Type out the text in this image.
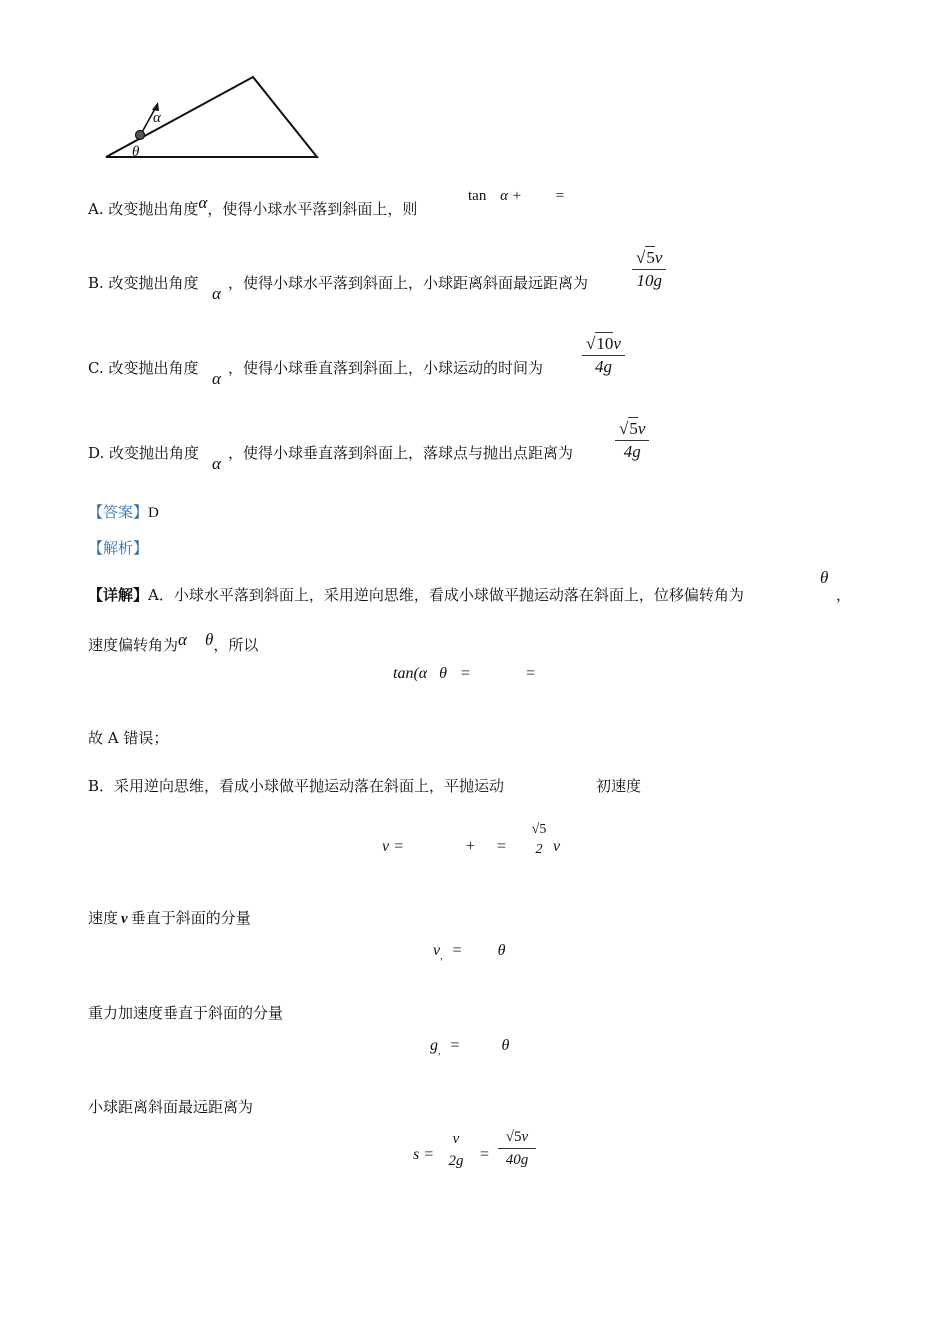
α
θ
A. 改变抛出角度α，使得小球水平落到斜面上，则
tan α + =
B. 改变抛出角度
α
，使得小球水平落到斜面上，小球距离斜面最远距离为	$\frac{√5v}{10g}$
C. 改变抛出角度
α
，使得小球垂直落到斜面上，小球运动的时间为 $\frac{√10v}{4g}$
D. 改变抛出角度
α
，使得小球垂直落到斜面上，落球点与抛出点距离为 $\frac{√5v}{4g}$
【答案】D
【解析】
【详解】A．小球水平落到斜面上，采用逆向思维，看成小球做平抛运动落在斜面上，位移偏转角为
θ
，
速度偏转角为α θ，所以
tan(α θ =	=
故 A 错误；
B．采用逆向思维，看成小球做平抛运动落在斜面上，平抛运动	初速度
v =	+ =
√5
2 v
速度 v 垂直于斜面的分量
$v_, = \theta$
重力加速度垂直于斜面的分量
$g_,$ =	θ
小球距离斜面最远距离为
s =
v
2g	=
√5v
40g
